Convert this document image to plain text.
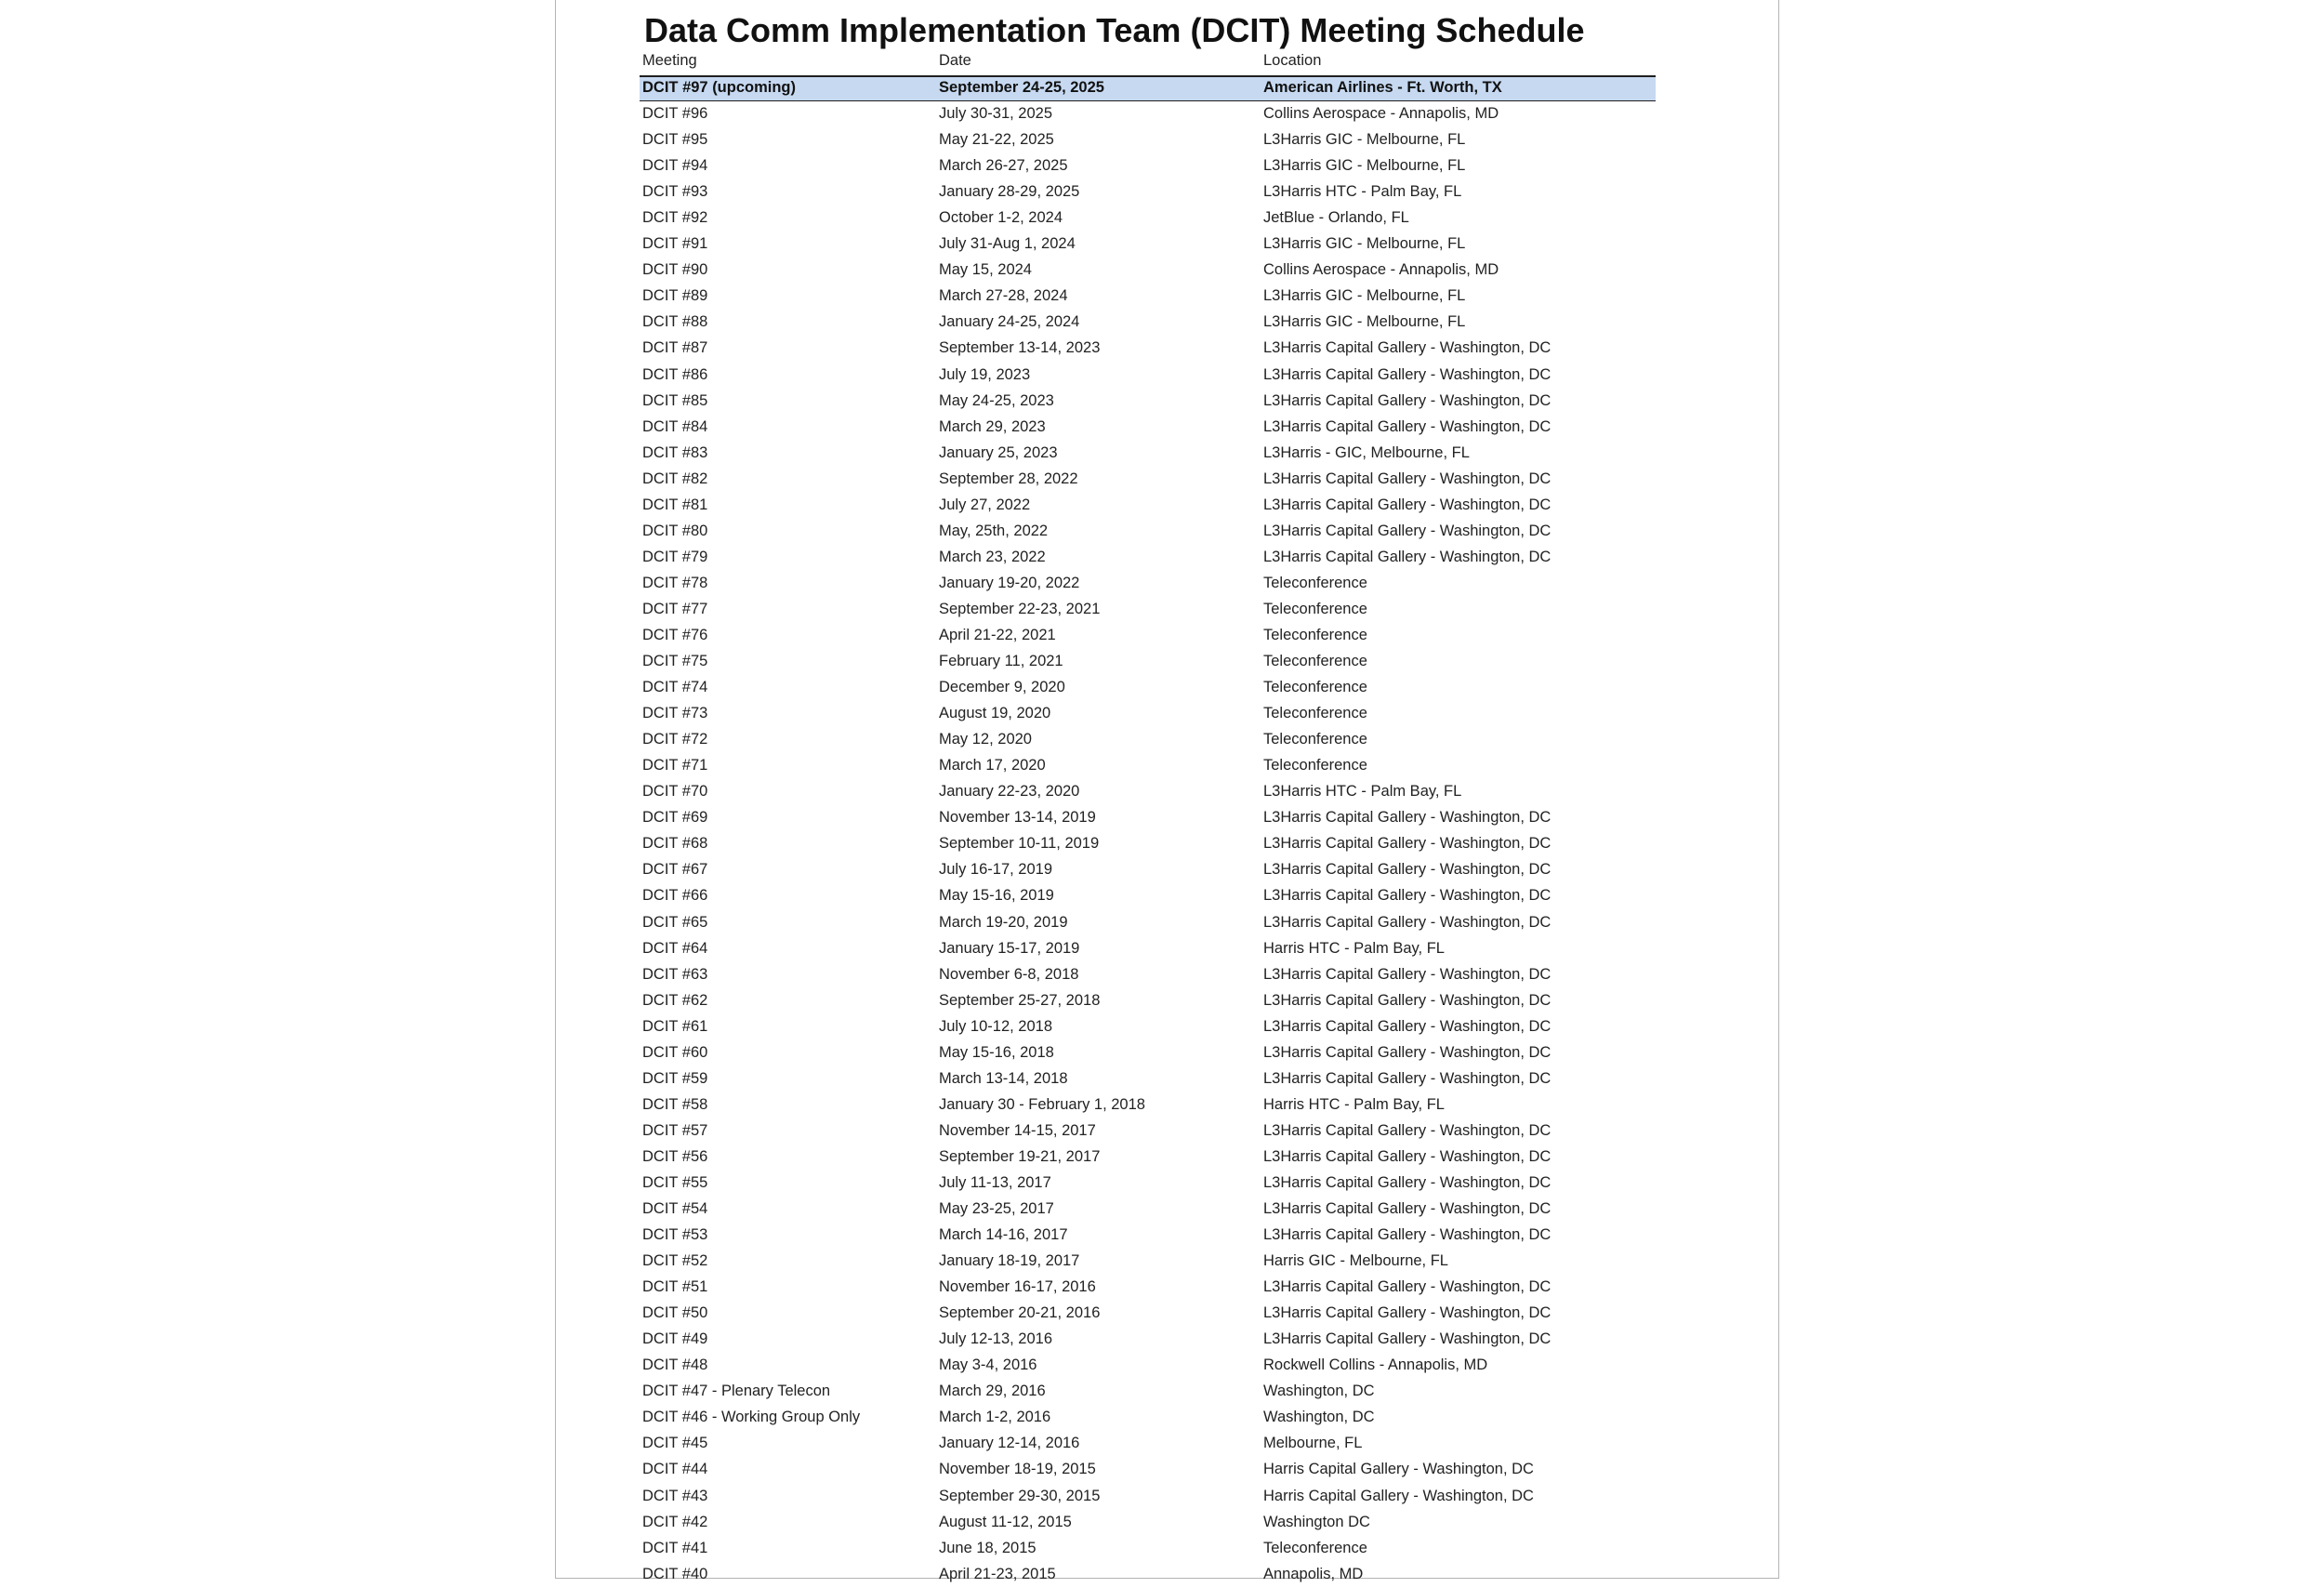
Data Comm Implementation Team (DCIT) Meeting Schedule
Meeting	Date	Location
DCIT #97 (upcoming)	September 24-25, 2025	American Airlines - Ft. Worth, TX
DCIT #96	July 30-31, 2025	Collins Aerospace - Annapolis, MD
DCIT #95	May 21-22, 2025	L3Harris GIC - Melbourne, FL
DCIT #94	March 26-27, 2025	L3Harris GIC - Melbourne, FL
DCIT #93	January 28-29, 2025	L3Harris HTC - Palm Bay, FL
DCIT #92	October 1-2, 2024	JetBlue - Orlando, FL
DCIT #91	July 31-Aug 1, 2024	L3Harris GIC - Melbourne, FL
DCIT #90	May 15, 2024	Collins Aerospace - Annapolis, MD
DCIT #89	March 27-28, 2024	L3Harris GIC - Melbourne, FL
DCIT #88	January 24-25, 2024	L3Harris GIC - Melbourne, FL
DCIT #87	September 13-14, 2023	L3Harris Capital Gallery - Washington, DC
DCIT #86	July 19, 2023	L3Harris Capital Gallery - Washington, DC
DCIT #85	May 24-25, 2023	L3Harris Capital Gallery - Washington, DC
DCIT #84	March 29, 2023	L3Harris Capital Gallery - Washington, DC
DCIT #83	January 25, 2023	L3Harris - GIC, Melbourne, FL
DCIT #82	September 28, 2022	L3Harris Capital Gallery - Washington, DC
DCIT #81	July 27, 2022	L3Harris Capital Gallery - Washington, DC
DCIT #80	May, 25th, 2022	L3Harris Capital Gallery - Washington, DC
DCIT #79	March 23, 2022	L3Harris Capital Gallery - Washington, DC
DCIT #78	January 19-20, 2022	Teleconference
DCIT #77	September 22-23, 2021	Teleconference
DCIT #76	April 21-22, 2021	Teleconference
DCIT #75	February 11, 2021	Teleconference
DCIT #74	December 9, 2020	Teleconference
DCIT #73	August 19, 2020	Teleconference
DCIT #72	May 12, 2020	Teleconference
DCIT #71	March 17, 2020	Teleconference
DCIT #70	January 22-23, 2020	L3Harris HTC - Palm Bay, FL
DCIT #69	November 13-14, 2019	L3Harris Capital Gallery - Washington, DC
DCIT #68	September 10-11, 2019	L3Harris Capital Gallery - Washington, DC
DCIT #67	July 16-17, 2019	L3Harris Capital Gallery - Washington, DC
DCIT #66	May 15-16, 2019	L3Harris Capital Gallery - Washington, DC
DCIT #65	March 19-20, 2019	L3Harris Capital Gallery - Washington, DC
DCIT #64	January 15-17, 2019	Harris HTC - Palm Bay, FL
DCIT #63	November 6-8, 2018	L3Harris Capital Gallery - Washington, DC
DCIT #62	September 25-27, 2018	L3Harris Capital Gallery - Washington, DC
DCIT #61	July 10-12, 2018	L3Harris Capital Gallery - Washington, DC
DCIT #60	May 15-16, 2018	L3Harris Capital Gallery - Washington, DC
DCIT #59	March 13-14, 2018	L3Harris Capital Gallery - Washington, DC
DCIT #58	January 30 - February 1, 2018	Harris HTC - Palm Bay, FL
DCIT #57	November 14-15, 2017	L3Harris Capital Gallery - Washington, DC
DCIT #56	September 19-21, 2017	L3Harris Capital Gallery - Washington, DC
DCIT #55	July 11-13, 2017	L3Harris Capital Gallery - Washington, DC
DCIT #54	May 23-25, 2017	L3Harris Capital Gallery - Washington, DC
DCIT #53	March 14-16, 2017	L3Harris Capital Gallery - Washington, DC
DCIT #52	January 18-19, 2017	Harris GIC - Melbourne, FL
DCIT #51	November 16-17, 2016	L3Harris Capital Gallery - Washington, DC
DCIT #50	September 20-21, 2016	L3Harris Capital Gallery - Washington, DC
DCIT #49	July 12-13, 2016	L3Harris Capital Gallery - Washington, DC
DCIT #48	May 3-4, 2016	Rockwell Collins - Annapolis, MD
DCIT #47 - Plenary Telecon	March 29, 2016	Washington, DC
DCIT #46 - Working Group Only	March 1-2, 2016	Washington, DC
DCIT #45	January 12-14, 2016	Melbourne, FL
DCIT #44	November 18-19, 2015	Harris Capital Gallery - Washington, DC
DCIT #43	September 29-30, 2015	Harris Capital Gallery - Washington, DC
DCIT #42	August 11-12, 2015	Washington DC
DCIT #41	June 18, 2015	Teleconference
DCIT #40	April 21-23, 2015	Annapolis, MD
